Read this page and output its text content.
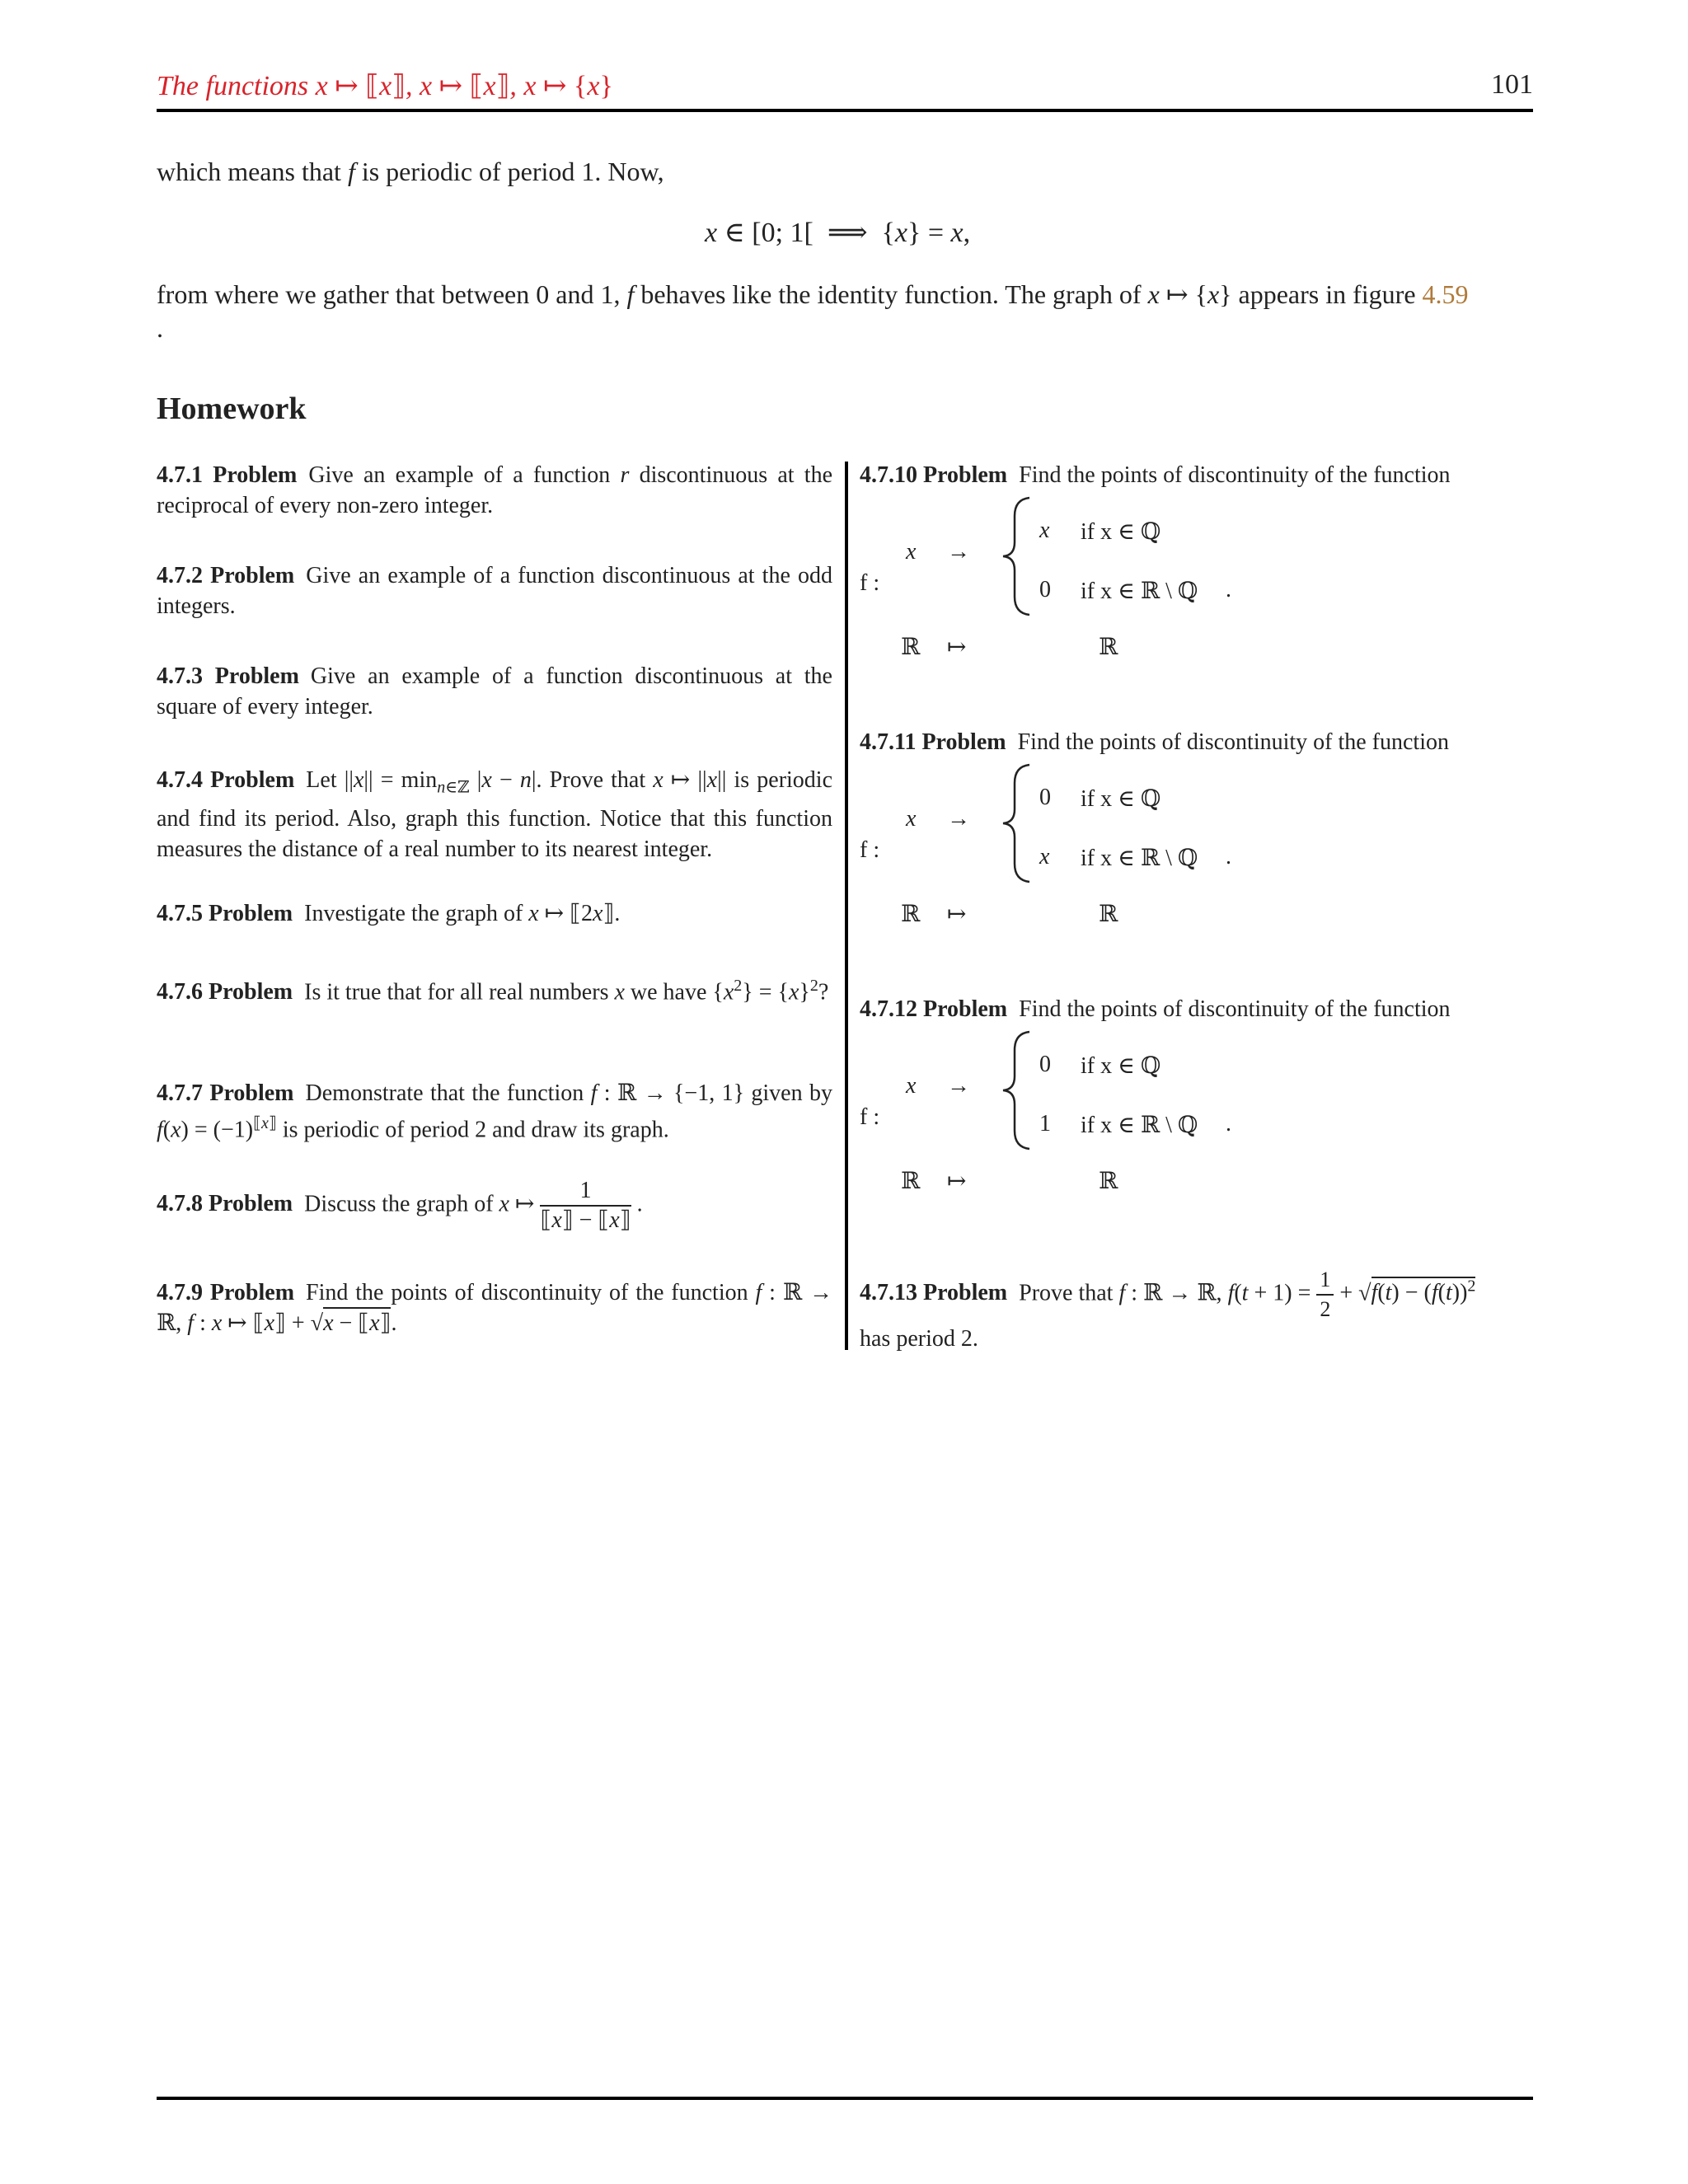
The functions x ↦ ⟦x⟧, x ↦ ⟦x⟧, x ↦ {x}	101
which means that f is periodic of period 1. Now,
x ∈ [0; 1[  ⟹  {x} = x,
from where we gather that between 0 and 1, f behaves like the identity function. The graph of x ↦ {x} appears in figure 4.59
.
Homework
4.7.1 Problem Give an example of a function r discontinuous at the reciprocal of every non-zero integer.
4.7.2 Problem Give an example of a function discontinuous at the odd integers.
4.7.3 Problem Give an example of a function discontinuous at the square of every integer.
4.7.4 Problem Let $||x|| = \min_{n\in ℤ} |x - n|$. Prove that x ↦ ||x|| is periodic and find its period. Also, graph this function. Notice that this function measures the distance of a real number to its nearest integer.
4.7.5 Problem Investigate the graph of x ↦ ⟦2x⟧.
4.7.6 Problem Is it true that for all real numbers x we have $\{x^2\} = \{x\}^2$?
4.7.7 Problem Demonstrate that the function f : ℝ → {−1, 1} given by $f(x) = (-1)^{⟦x⟧}$ is periodic of period 2 and draw its graph.
4.7.8 Problem Discuss the graph of x ↦ $\frac{1}{⟦x⟧ - ⟦x⟧}$ .
4.7.9 Problem Find the points of discontinuity of the function f : ℝ → ℝ, f : x ↦ ⟦x⟧ + √x − ⟦x⟧.
4.7.10 Problem Find the points of discontinuity of the function
f :
x →
ℝ ↦
x if x ∈ ℚ
0 if x ∈ ℝ \ ℚ .
ℝ
4.7.11 Problem Find the points of discontinuity of the function
f :
x →
ℝ ↦
0 if x ∈ ℚ
x if x ∈ ℝ \ ℚ .
ℝ
4.7.12 Problem Find the points of discontinuity of the function
f :
x →
ℝ ↦
0 if x ∈ ℚ
1 if x ∈ ℝ \ ℚ .
ℝ
4.7.13 Problem Prove that f : ℝ → ℝ, $f(t + 1) = \frac{1}{2} + √f(t) - (f(t))^2$
has period 2.
